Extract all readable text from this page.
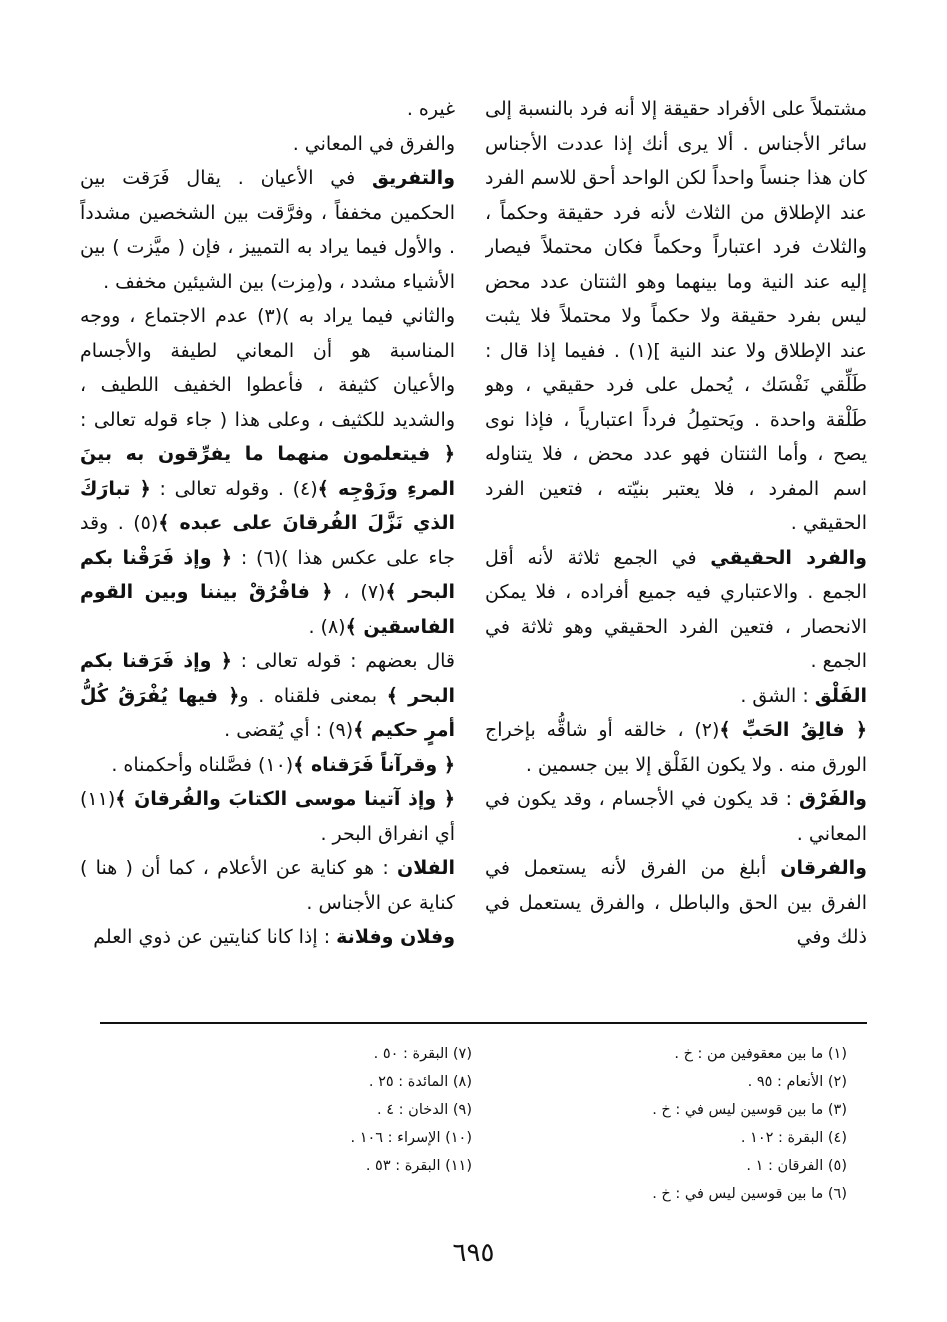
مشتملاً على الأفراد حقيقة إلا أنه فرد بالنسبة إلى سائر الأجناس . ألا يرى أنك إذا عددت الأجناس كان هذا جنساً واحداً لكن الواحد أحق للاسم الفرد عند الإطلاق من الثلاث لأنه فرد حقيقة وحكماً ، والثلاث فرد اعتباراً وحكماً فكان محتملاً فيصار إليه عند النية وما بينهما وهو الثنتان عدد محض ليس بفرد حقيقة ولا حكماً ولا محتملاً فلا يثبت عند الإطلاق ولا عند النية ](١) . ففيما إذا قال : طَلِّقي نَفْسَك ، يُحمل على فرد حقيقي ، وهو طَلْقة واحدة . ويَحتمِلُ فرداً اعتبارياً ، فإذا نوى يصح ، وأما الثنتان فهو عدد محض ، فلا يتناوله اسم المفرد ، فلا يعتبر بنيّته ، فتعين الفرد الحقيقي .

والفرد الحقيقي في الجمع ثلاثة لأنه أقل الجمع . والاعتباري فيه جميع أفراده ، فلا يمكن الانحصار ، فتعين الفرد الحقيقي وهو ثلاثة في الجمع .

الفَلْق : الشق .

﴿ فالِقُ الحَبِّ ﴾(٢) ، خالقه أو شاقُّه بإخراج الورق منه . ولا يكون الفَلْق إلا بين جسمين .

والفَرْق : قد يكون في الأجسام ، وقد يكون في المعاني .

والفرقان أبلغ من الفرق لأنه يستعمل في الفرق بين الحق والباطل ، والفرق يستعمل في ذلك وفي

غيره .

والفرق في المعاني .

والتفريق في الأعيان . يقال فَرَقت بين الحكمين مخففاً ، وفرَّقت بين الشخصين مشدداً . والأول فيما يراد به التمييز ، فإن ( ميَّزت ) بين الأشياء مشدد ، و(مِزت) بين الشيئين مخفف .

والثاني فيما يراد به )(٣) عدم الاجتماع ، ووجه المناسبة هو أن المعاني لطيفة والأجسام والأعيان كثيفة ، فأعطوا الخفيف اللطيف ، والشديد للكثيف ، وعلى هذا ( جاء قوله تعالى : ﴿ فيتعلمون منهما ما يفرِّقون به بينَ المرءِ وزَوْجِه ﴾(٤) . وقوله تعالى : ﴿ تبارَكَ الذي نَزَّلَ الفُرقانَ على عبده ﴾(٥) . وقد جاء على عكس هذا )(٦) : ﴿ وإذ فَرَقْنا بكم البحر ﴾(٧) ، ﴿ فافْرُقْ بيننا وبين القوم الفاسقين ﴾(٨) .

قال بعضهم : قوله تعالى : ﴿ وإذ فَرَقنا بكم البحر ﴾ بمعنى فلقناه . و﴿ فيها يُفْرَقُ كُلُّ أمرٍ حكيم ﴾(٩) : أي يُقضى .

﴿ وقرآناً فَرَقناه ﴾(١٠) فصَّلناه وأحكمناه .

﴿ وإذ آتينا موسى الكتابَ والفُرقانَ ﴾(١١) أي انفراق البحر .

الفلان : هو كناية عن الأعلام ، كما أن ( هنا ) كناية عن الأجناس .

وفلان وفلانة : إذا كانا كنايتين عن ذوي العلم

(١) ما بين معقوفين من : خ .
(٢) الأنعام : ٩٥ .
(٣) ما بين قوسين ليس في : خ .
(٤) البقرة : ١٠٢ .
(٥) الفرقان : ١ .
(٦) ما بين قوسين ليس في : خ .
(٧) البقرة : ٥٠ .
(٨) المائدة : ٢٥ .
(٩) الدخان : ٤ .
(١٠) الإسراء : ١٠٦ .
(١١) البقرة : ٥٣ .
٦٩٥
